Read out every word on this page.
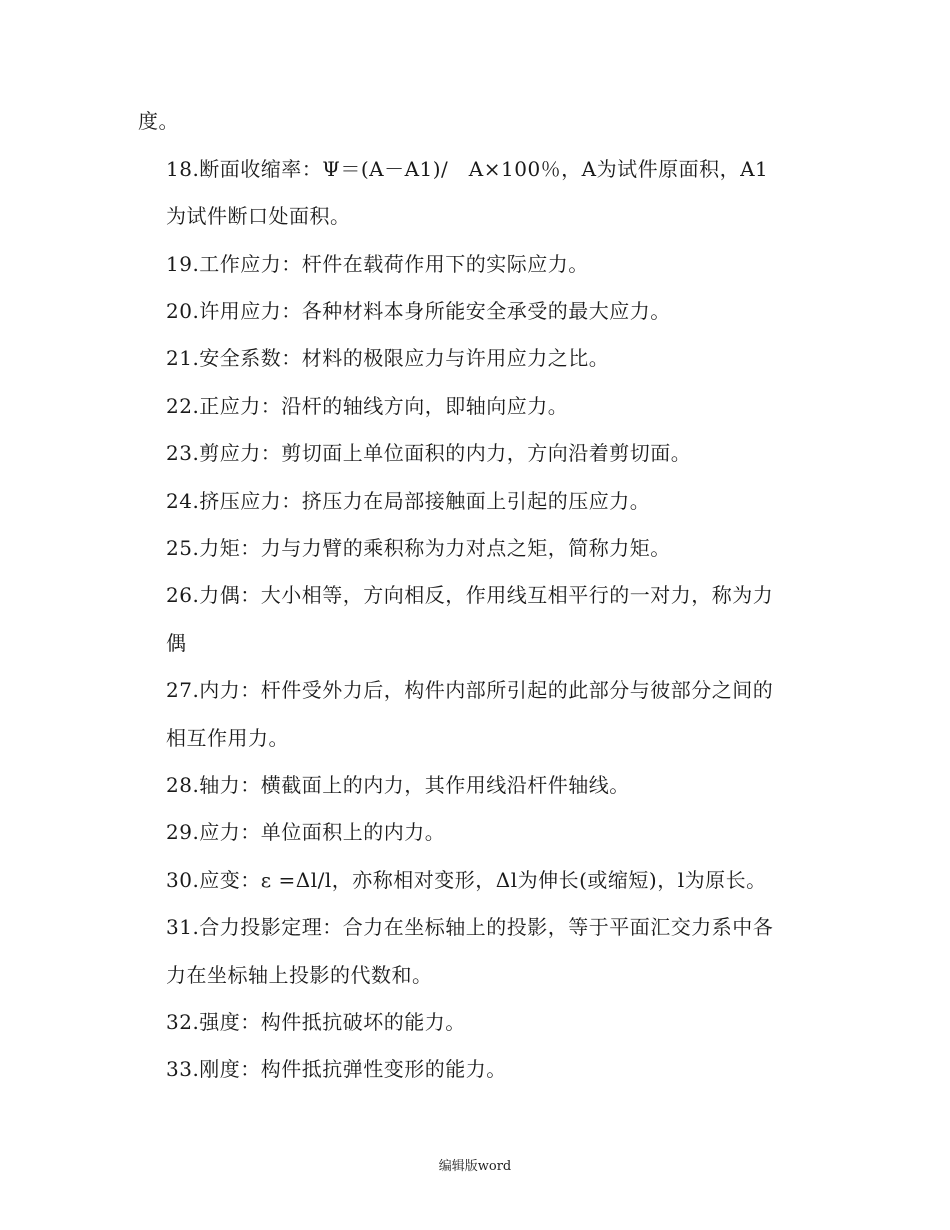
度。
18.断面收缩率：Ψ＝(A－A1)/　A×100％，A为试件原面积，A1
为试件断口处面积。
19.工作应力：杆件在载荷作用下的实际应力。
20.许用应力：各种材料本身所能安全承受的最大应力。
21.安全系数：材料的极限应力与许用应力之比。
22.正应力：沿杆的轴线方向，即轴向应力。
23.剪应力：剪切面上单位面积的内力，方向沿着剪切面。
24.挤压应力：挤压力在局部接触面上引起的压应力。
25.力矩：力与力臂的乘积称为力对点之矩，简称力矩。
26.力偶：大小相等，方向相反，作用线互相平行的一对力，称为力
偶
27.内力：杆件受外力后，构件内部所引起的此部分与彼部分之间的
相互作用力。
28.轴力：横截面上的内力，其作用线沿杆件轴线。
29.应力：单位面积上的内力。
30.应变：ε =Δl/l，亦称相对变形，Δl为伸长(或缩短)，l为原长。
31.合力投影定理：合力在坐标轴上的投影，等于平面汇交力系中各
力在坐标轴上投影的代数和。
32.强度：构件抵抗破坏的能力。
33.刚度：构件抵抗弹性变形的能力。
编辑版word
